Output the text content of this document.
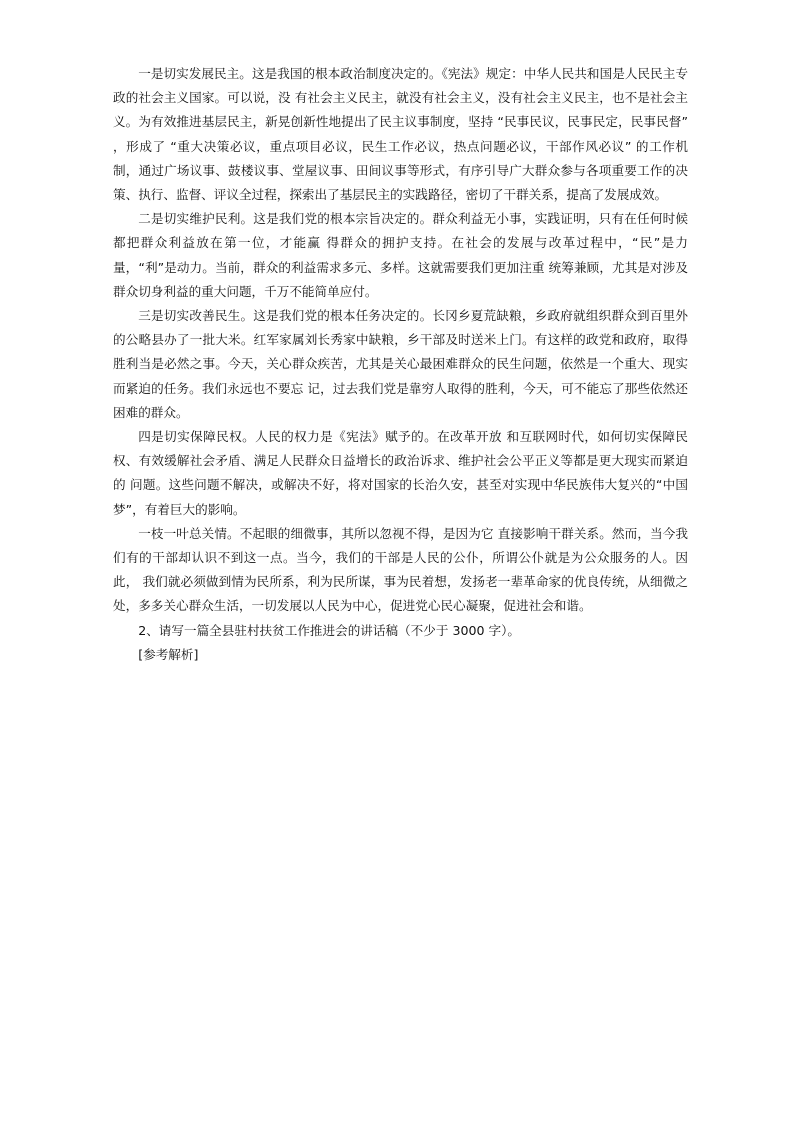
一是切实发展民主。这是我国的根本政治制度决定的。《宪法》规定：中华人民共和国是人民民主专政的社会主义国家。可以说，没 有社会主义民主，就没有社会主义，没有社会主义民主，也不是社会主义。为有效推进基层民主，新晃创新性地提出了民主议事制度，坚持 “民事民议，民事民定，民事民督” ，形成了 “重大决策必议，重点项目必议，民生工作必议，热点问题必议，干部作风必议” 的工作机 制，通过广场议事、鼓楼议事、堂屋议事、田间议事等形式，有序引导广大群众参与各项重要工作的决策、执行、监督、评议全过程，探索出了基层民主的实践路径，密切了干群关系，提高了发展成效。

二是切实维护民利。这是我们党的根本宗旨决定的。群众利益无小事，实践证明，只有在任何时候都把群众利益放在第一位，才能赢 得群众的拥护支持。在社会的发展与改革过程中，“民”是力量，“利”是动力。当前，群众的利益需求多元、多样。这就需要我们更加注重 统筹兼顾，尤其是对涉及群众切身利益的重大问题，千万不能简单应付。

三是切实改善民生。这是我们党的根本任务决定的。长冈乡夏荒缺粮，乡政府就组织群众到百里外的公略县办了一批大米。红军家属刘长秀家中缺粮，乡干部及时送米上门。有这样的政党和政府，取得 胜利当是必然之事。今天，关心群众疾苦，尤其是关心最困难群众的民生问题，依然是一个重大、现实而紧迫的任务。我们永远也不要忘 记，过去我们党是靠穷人取得的胜利，今天，可不能忘了那些依然还困难的群众。

四是切实保障民权。人民的权力是《宪法》赋予的。在改革开放 和互联网时代，如何切实保障民权、有效缓解社会矛盾、满足人民群众日益增长的政治诉求、维护社会公平正义等都是更大现实而紧迫的 问题。这些问题不解决，或解决不好，将对国家的长治久安，甚至对实现中华民族伟大复兴的“中国梦”，有着巨大的影响。

一枝一叶总关情。不起眼的细微事，其所以忽视不得，是因为它 直接影响干群关系。然而，当今我们有的干部却认识不到这一点。当今，我们的干部是人民的公仆，所谓公仆就是为公众服务的人。因此， 我们就必须做到情为民所系，利为民所谋，事为民着想，发扬老一辈革命家的优良传统，从细微之处，多多关心群众生活，一切发展以人民为中心，促进党心民心凝聚，促进社会和谐。

2、请写一篇全县驻村扶贫工作推进会的讲话稿（不少于 3000 字）。

[参考解析]
